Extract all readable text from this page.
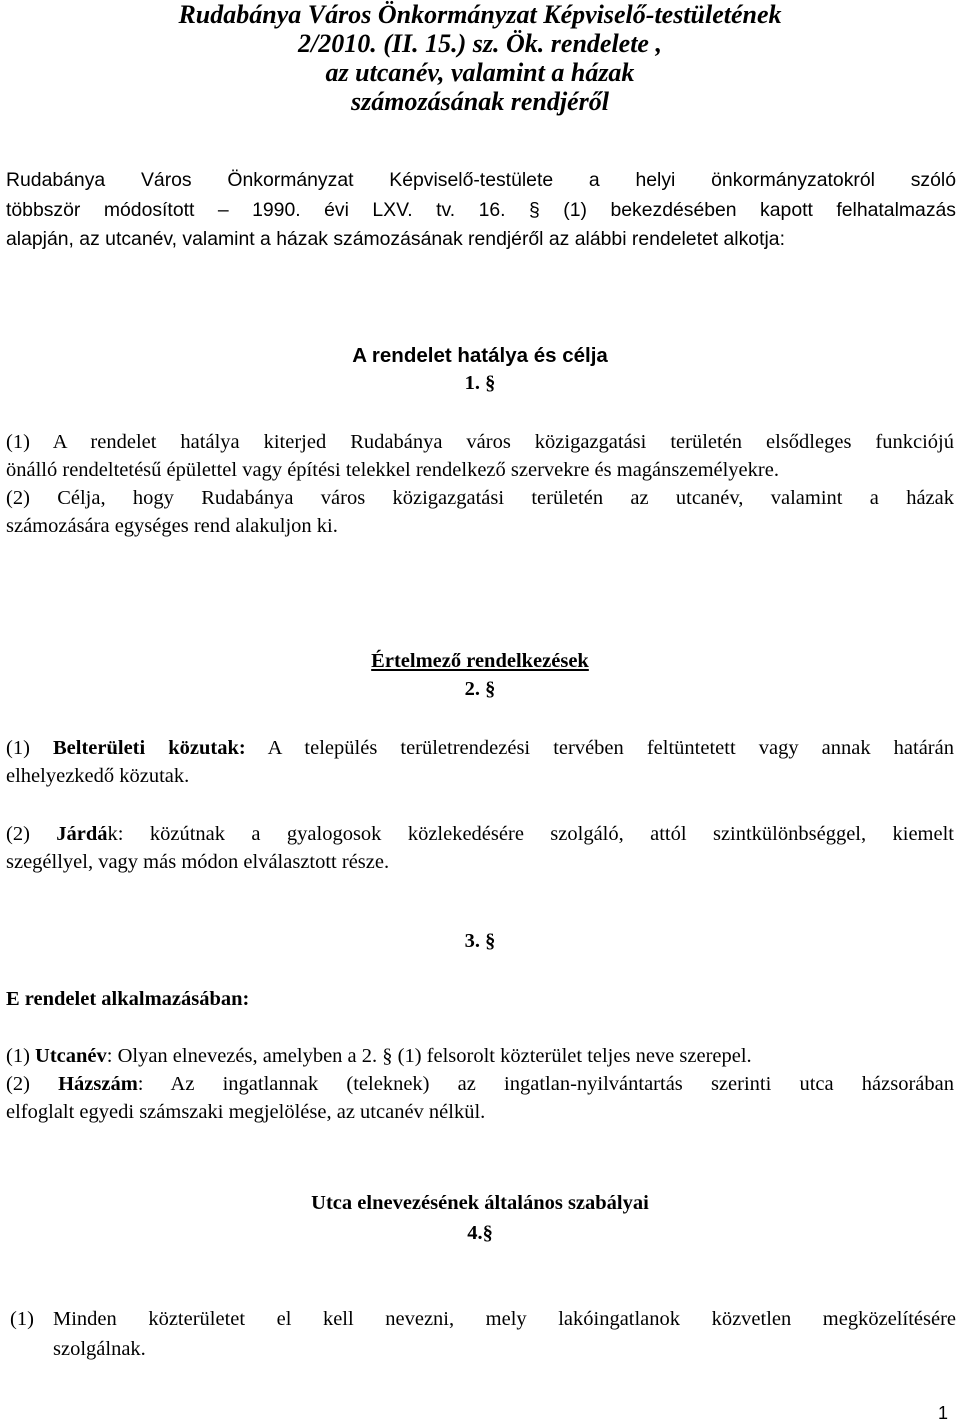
Rudabánya Város Önkormányzat Képviselő-testületének
2/2010. (II. 15.) sz. Ök. rendelete ,
az utcanév, valamint a házak
számozásának rendjéről
Rudabánya Város Önkormányzat Képviselő-testülete a helyi önkormányzatokról szóló
többször módosított – 1990. évi LXV. tv. 16. § (1) bekezdésében kapott felhatalmazás
alapján, az utcanév, valamint a házak számozásának rendjéről az alábbi rendeletet alkotja:
A rendelet hatálya és célja
1. §
(1) A rendelet hatálya kiterjed Rudabánya város közigazgatási területén elsődleges funkciójú
önálló rendeltetésű épülettel vagy építési telekkel rendelkező szervekre és magánszemélyekre.
(2) Célja, hogy Rudabánya város közigazgatási területén az utcanév, valamint a házak
számozására egységes rend alakuljon ki.
Értelmező rendelkezések
2. §
(1) Belterületi közutak: A település területrendezési tervében feltüntetett vagy annak határán
elhelyezkedő közutak.
(2) Járdák: közútnak a gyalogosok közlekedésére szolgáló, attól szintkülönbséggel, kiemelt
szegéllyel, vagy más módon elválasztott része.
3. §
E rendelet alkalmazásában:
(1) Utcanév: Olyan elnevezés, amelyben a 2. § (1) felsorolt közterület teljes neve szerepel.
(2) Házszám: Az ingatlannak (teleknek) az ingatlan-nyilvántartás szerinti utca házsorában
elfoglalt egyedi számszaki megjelölése, az utcanév nélkül.
Utca elnevezésének általános szabályai
4.§
(1) Minden közterületet el kell nevezni, mely lakóingatlanok közvetlen megközelítésére
szolgálnak.
1
